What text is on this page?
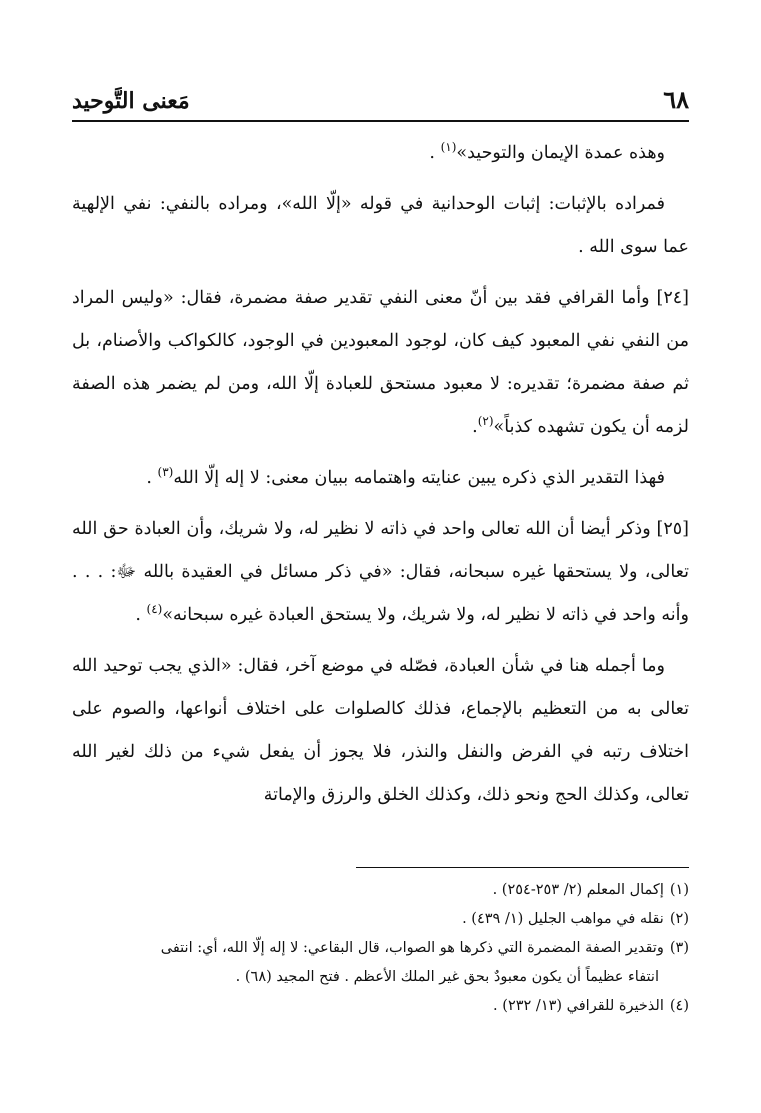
٦٨
مَعنى التَّوحيد

وهذه عمدة الإيمان والتوحيد»$^{(١)}$ .

فمراده بالإثبات: إثبات الوحدانية في قوله «إلّا الله»، ومراده بالنفي: نفي الإلهية عما سوى الله .

[٢٤] وأما القرافي فقد بين أنّ معنى النفي تقدير صفة مضمرة، فقال: «وليس المراد من النفي نفي المعبود كيف كان، لوجود المعبودين في الوجود، كالكواكب والأصنام، بل ثم صفة مضمرة؛ تقديره: لا معبود مستحق للعبادة إلّا الله، ومن لم يضمر هذه الصفة لزمه أن يكون تشهده كذباً»$^{(٢)}$.

فهذا التقدير الذي ذكره يبين عنايته واهتمامه ببيان معنى: لا إله إلّا الله$^{(٣)}$ .

[٢٥] وذكر أيضا أن الله تعالى واحد في ذاته لا نظير له، ولا شريك، وأن العبادة حق الله تعالى، ولا يستحقها غيره سبحانه، فقال: «في ذكر مسائل في العقيدة بالله ﷻ: . . . وأنه واحد في ذاته لا نظير له، ولا شريك، ولا يستحق العبادة غيره سبحانه»$^{(٤)}$ .

وما أجمله هنا في شأن العبادة، فصّله في موضع آخر، فقال: «الذي يجب توحيد الله تعالى به من التعظيم بالإجماع، فذلك كالصلوات على اختلاف أنواعها، والصوم على اختلاف رتبه في الفرض والنفل والنذر، فلا يجوز أن يفعل شيء من ذلك لغير الله تعالى، وكذلك الحج ونحو ذلك، وكذلك الخلق والرزق والإماتة

(١)إكمال المعلم (٢/ ٢٥٣-٢٥٤) .

(٢)نقله في مواهب الجليل (١/ ٤٣٩) .

(٣)وتقدير الصفة المضمرة التي ذكرها هو الصواب، قال البقاعي: لا إله إلّا الله، أي: انتفى
انتفاء عظيماً أن يكون معبودٌ بحق غير الملك الأعظم . فتح المجيد (٦٨) .

(٤)الذخيرة للقرافي (١٣/ ٢٣٢) .
